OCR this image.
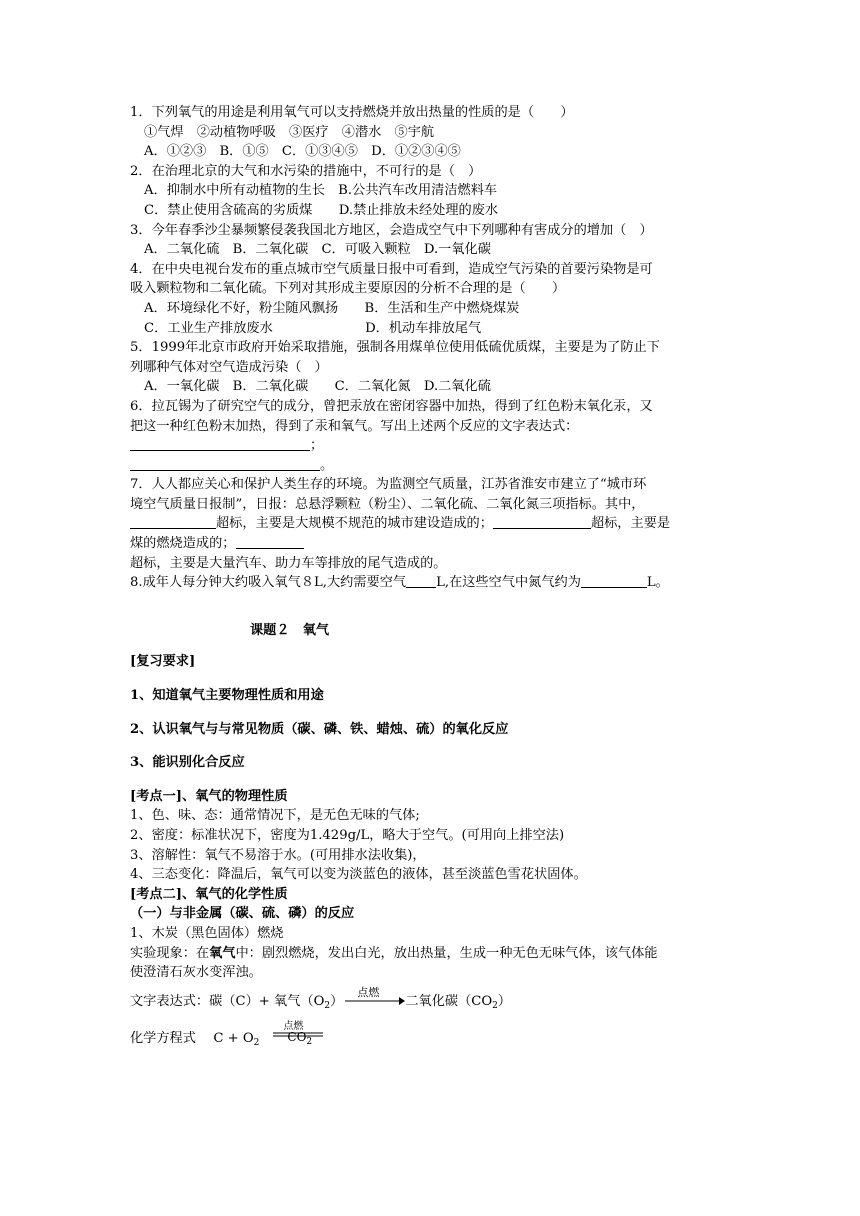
1．下列氧气的用途是利用氧气可以支持燃烧并放出热量的性质的是（　　）
①气焊　②动植物呼吸　③医疗　④潜水　⑤宇航
A．①②③　B．①⑤　C．①③④⑤　D．①②③④⑤
2．在治理北京的大气和水污染的措施中，不可行的是（　）
A．抑制水中所有动植物的生长　B.公共汽车改用清洁燃料车
C．禁止使用含硫高的劣质煤　　D.禁止排放未经处理的废水
3．今年春季沙尘暴频繁侵袭我国北方地区，会造成空气中下列哪种有害成分的增加（　）
A．二氧化硫　B．二氧化碳　C．可吸入颗粒　D.一氧化碳
4．在中央电视台发布的重点城市空气质量日报中可看到，造成空气污染的首要污染物是可
吸入颗粒物和二氧化硫。下列对其形成主要原因的分析不合理的是（　　）
A．环境绿化不好，粉尘随风飘扬　　B．生活和生产中燃烧煤炭
C．工业生产排放废水　　　　　　　D．机动车排放尾气
5．1999年北京市政府开始采取措施，强制各用煤单位使用低硫优质煤，主要是为了防止下
列哪种气体对空气造成污染（　）
A．一氧化碳　B．二氧化碳　　C．二氧化氮　D.二氧化硫
6．拉瓦锡为了研究空气的成分，曾把汞放在密闭容器中加热，得到了红色粉末氧化汞，又
把这一种红色粉末加热，得到了汞和氧气。写出上述两个反应的文字表达式：
；
。
7．人人都应关心和保护人类生存的环境。为监测空气质量，江苏省淮安市建立了“城市环
境空气质量日报制”，日报：总悬浮颗粒（粉尘）、二氧化硫、二氧化氮三项指标。其中，
超标，主要是大规模不规范的城市建设造成的；	超标，主要是
煤的燃烧造成的；
超标，主要是大量汽车、助力车等排放的尾气造成的。
8.成年人每分钟大约吸入氧气８L,大约需要空气 L,在这些空气中氮气约为	L。
课题２　氧气
[复习要求]
1、知道氧气主要物理性质和用途
2、认识氧气与与常见物质（碳、磷、铁、蜡烛、硫）的氧化反应
3、能识别化合反应
[考点一]、氧气的物理性质
1、色、味、态：通常情况下，是无色无味的气体;
2、密度：标准状况下，密度为1.429g/L，略大于空气。(可用向上排空法)
3、溶解性：氧气不易溶于水。(可用排水法收集)，
4、三态变化：降温后，氧气可以变为淡蓝色的液体，甚至淡蓝色雪花状固体。
[考点二]、氧气的化学性质
（一）与非金属（碳、硫、磷）的反应
1、木炭（黑色固体）燃烧
实验现象：在氧气中：剧烈燃烧，发出白光，放出热量，生成一种无色无味气体，该气体能
使澄清石灰水变浑浊。
文字表达式：碳（C）+ 氧气$(O_2)$
点燃
二氧化碳$(CO_2)$
化学方程式　 $C + O_2$
点燃
$CO_2$
